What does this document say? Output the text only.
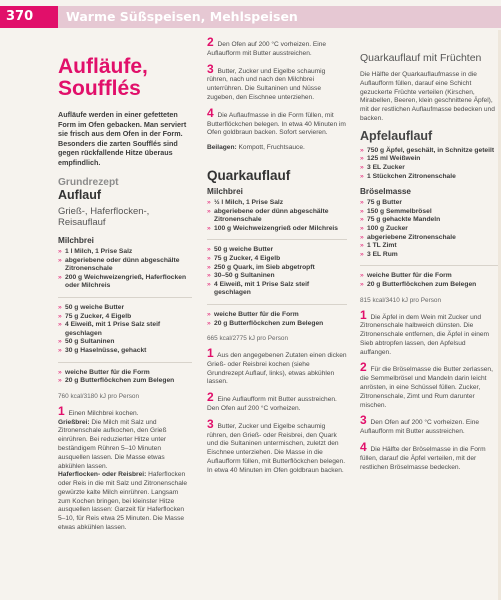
370	Warme Süßspeisen, Mehlspeisen
Aufläufe, Soufflés

Aufläufe werden in einer gefetteten Form im Ofen gebacken. Man serviert sie frisch aus dem Ofen in der Form. Besonders die zarten Soufflés sind gegen rückfallende Hitze überaus empfindlich.

Grundrezept

Auflauf
Grieß-, Haferflocken-, Reisauflauf
Milchbrei
» 1 l Milch, 1 Prise Salz
» abgeriebene oder dünn abgeschälte Zitronenschale
» 200 g Weichweizengrieß, Haferflocken oder Milchreis
» 50 g weiche Butter
» 75 g Zucker, 4 Eigelb
» 4 Eiweiß, mit 1 Prise Salz steif geschlagen
» 50 g Sultaninen
» 30 g Haselnüsse, gehackt
» weiche Butter für die Form
» 20 g Butterflöckchen zum Belegen
760 kcal/3180 kJ pro Person

1 Einen Milchbrei kochen.
Grießbrei: Die Milch mit Salz und Zitronenschale aufkochen, den Grieß einrühren. Bei reduzierter Hitze unter beständigem Rühren 5–10 Minuten ausquellen lassen. Die Masse etwas abkühlen lassen.
Haferflocken- oder Reisbrei: Haferflocken oder Reis in die mit Salz und Zitronenschale gewürzte kalte Milch einrühren. Langsam zum Kochen bringen, bei kleinster Hitze ausquellen lassen: Garzeit für Haferflocken 5–10, für Reis etwa 25 Minuten. Die Masse etwas abkühlen lassen.

2 Den Ofen auf 200 °C vorheizen. Eine Auflaufform mit Butter ausstreichen.

3 Butter, Zucker und Eigelbe schaumig rühren, nach und nach den Milchbrei unterrühren. Die Sultaninen und Nüsse zugeben, den Eischnee unterziehen.

4 Die Auflaufmasse in die Form füllen, mit Butterflöckchen belegen. In etwa 40 Minuten im Ofen goldbraun backen. Sofort servieren.

Beilagen: Kompott, Fruchtsauce.

Quarkauflauf
Milchbrei
» ½ l Milch, 1 Prise Salz
» abgeriebene oder dünn abgeschälte Zitronenschale
» 100 g Weichweizengrieß oder Milchreis
» 50 g weiche Butter
» 75 g Zucker, 4 Eigelb
» 250 g Quark, im Sieb abgetropft
» 30–50 g Sultaninen
» 4 Eiweiß, mit 1 Prise Salz steif geschlagen
» weiche Butter für die Form
» 20 g Butterflöckchen zum Belegen
665 kcal/2775 kJ pro Person

1 Aus den angegebenen Zutaten einen dicken Grieß- oder Reisbrei kochen (siehe Grundrezept Auflauf, links), etwas abkühlen lassen.

2 Eine Auflaufform mit Butter ausstreichen. Den Ofen auf 200 °C vorheizen.

3 Butter, Zucker und Eigelbe schaumig rühren, den Grieß- oder Reisbrei, den Quark und die Sultaninen untermischen, zuletzt den Eischnee unterziehen. Die Masse in die Auflaufform füllen, mit Butterflöckchen belegen. In etwa 40 Minuten im Ofen goldbraun backen.

Quarkauflauf mit Früchten

Die Hälfte der Quarkauflaufmasse in die Auflaufform füllen, darauf eine Schicht gezuckerte Früchte verteilen (Kirschen, Mirabellen, Beeren, klein geschnittene Äpfel), mit der restlichen Auflaufmasse bedecken und backen.

Apfelauflauf
» 750 g Äpfel, geschält, in Schnitze geteilt
» 125 ml Weißwein
» 3 EL Zucker
» 1 Stückchen Zitronenschale
Bröselmasse
» 75 g Butter
» 150 g Semmelbrösel
» 75 g gehackte Mandeln
» 100 g Zucker
» abgeriebene Zitronenschale
» 1 TL Zimt
» 3 EL Rum
» weiche Butter für die Form
» 20 g Butterflöckchen zum Belegen
815 kcal/3410 kJ pro Person

1 Die Äpfel in dem Wein mit Zucker und Zitronenschale halbweich dünsten. Die Zitronenschale entfernen, die Äpfel in einem Sieb abtropfen lassen, den Apfelsud auffangen.

2 Für die Bröselmasse die Butter zerlassen, die Semmelbrösel und Mandeln darin leicht anrösten, in eine Schüssel füllen. Zucker, Zitronenschale, Zimt und Rum darunter mischen.

3 Den Ofen auf 200 °C vorheizen. Eine Auflaufform mit Butter ausstreichen.

4 Die Hälfte der Bröselmasse in die Form füllen, darauf die Äpfel verteilen, mit der restlichen Bröselmasse bedecken.
